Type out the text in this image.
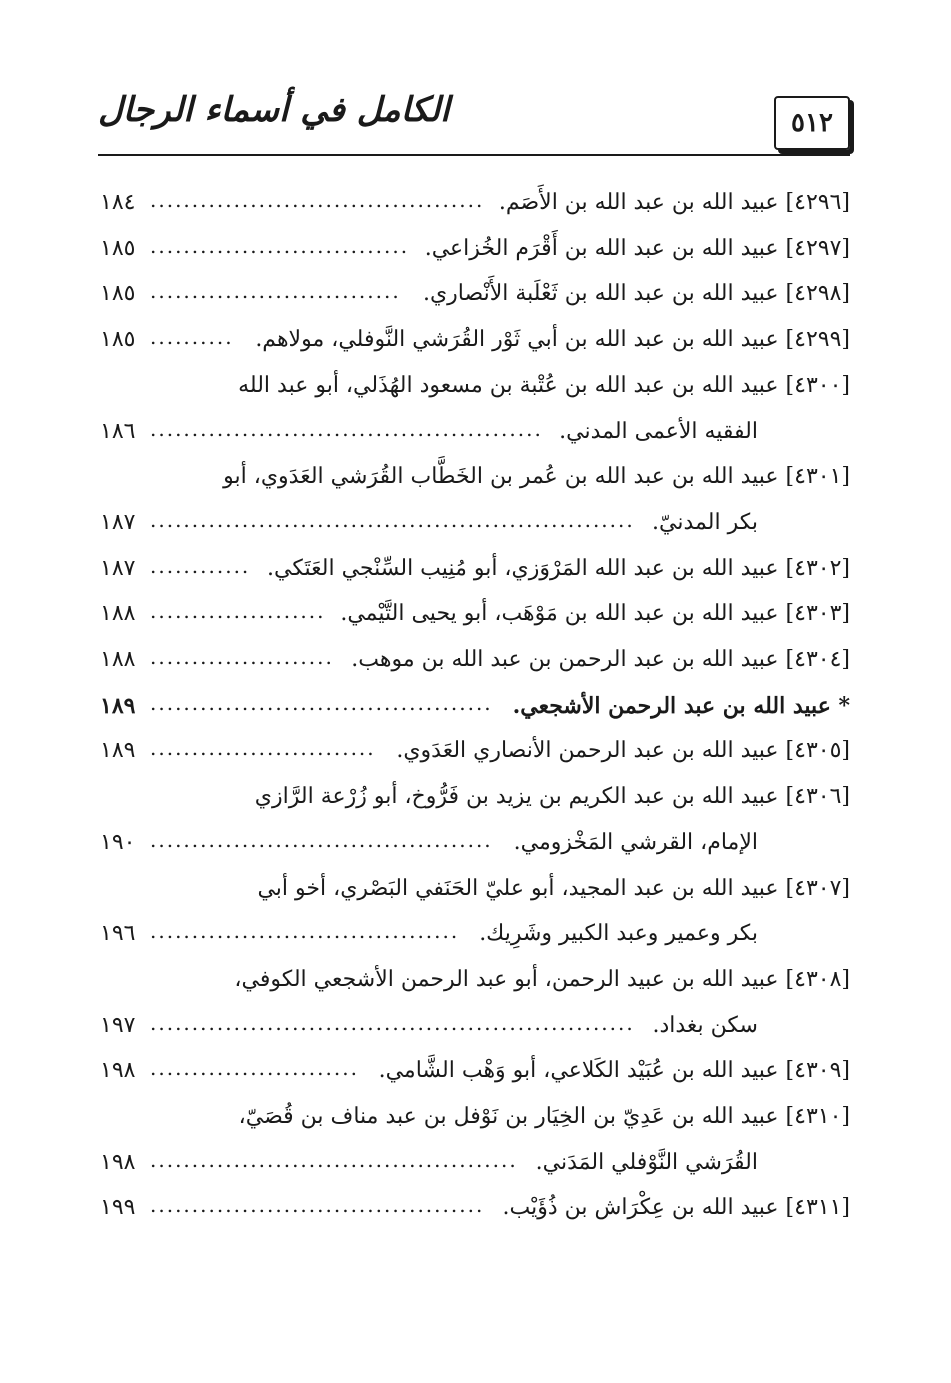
الكامل في أسماء الرجال	٥١٢
[٤٢٩٦] عبيد الله بن عبد الله بن الأَصَم.
١٨٤ ........................................
[٤٢٩٧] عبيد الله بن عبد الله بن أَقْرَم الخُزاعي.
١٨٥ ...............................
[٤٢٩٨] عبيد الله بن عبد الله بن ثَعْلَبة الأَنْصاري.
١٨٥ ..............................
[٤٢٩٩] عبيد الله بن عبد الله بن أبي ثَوْر القُرَشي النَّوفلي، مولاهم.
١٨٥ ..........
[٤٣٠٠] عبيد الله بن عبد الله بن عُتْبة بن مسعود الهُذَلي، أبو عبد الله
الفقيه الأعمى المدني.
١٨٦ ...............................................
[٤٣٠١] عبيد الله بن عبد الله بن عُمر بن الخَطَّاب القُرَشي العَدَوي، أبو
بكر المدنيّ.
١٨٧ ..........................................................
[٤٣٠٢] عبيد الله بن عبد الله المَرْوَزي، أبو مُنِيب السِّنْجي العَتَكي.
١٨٧ ............
[٤٣٠٣] عبيد الله بن عبد الله بن مَوْهَب، أبو يحيى التَّيْمي.
١٨٨ .....................
[٤٣٠٤] عبيد الله بن عبد الرحمن بن عبد الله بن موهب.
١٨٨ ......................
* عبيد الله بن عبد الرحمن الأشجعي.
١٨٩ .........................................
[٤٣٠٥] عبيد الله بن عبد الرحمن الأنصاري العَدَوي.
١٨٩ ...........................
[٤٣٠٦] عبيد الله بن عبد الكريم بن يزيد بن فَرُّوخ، أبو زُرْعة الرَّازي
الإمام، القرشي المَخْزومي.
١٩٠ .........................................
[٤٣٠٧] عبيد الله بن عبد المجيد، أبو عليّ الحَنَفي البَصْري، أخو أبي
بكر وعمير وعبد الكبير وشَرِيك.
١٩٦ .....................................
[٤٣٠٨] عبيد الله بن عبيد الرحمن، أبو عبد الرحمن الأشجعي الكوفي،
سكن بغداد.
١٩٧ ..........................................................
[٤٣٠٩] عبيد الله بن عُبَيْد الكَلاعي، أبو وَهْب الشَّامي.
١٩٨ .........................
[٤٣١٠] عبيد الله بن عَدِيّ بن الخِيَار بن نَوْفل بن عبد مناف بن قُصَيّ،
القُرَشي النَّوْفلي المَدَني.
١٩٨ ............................................
[٤٣١١] عبيد الله بن عِكْرَاش بن ذُؤَيْب.
١٩٩ ........................................
